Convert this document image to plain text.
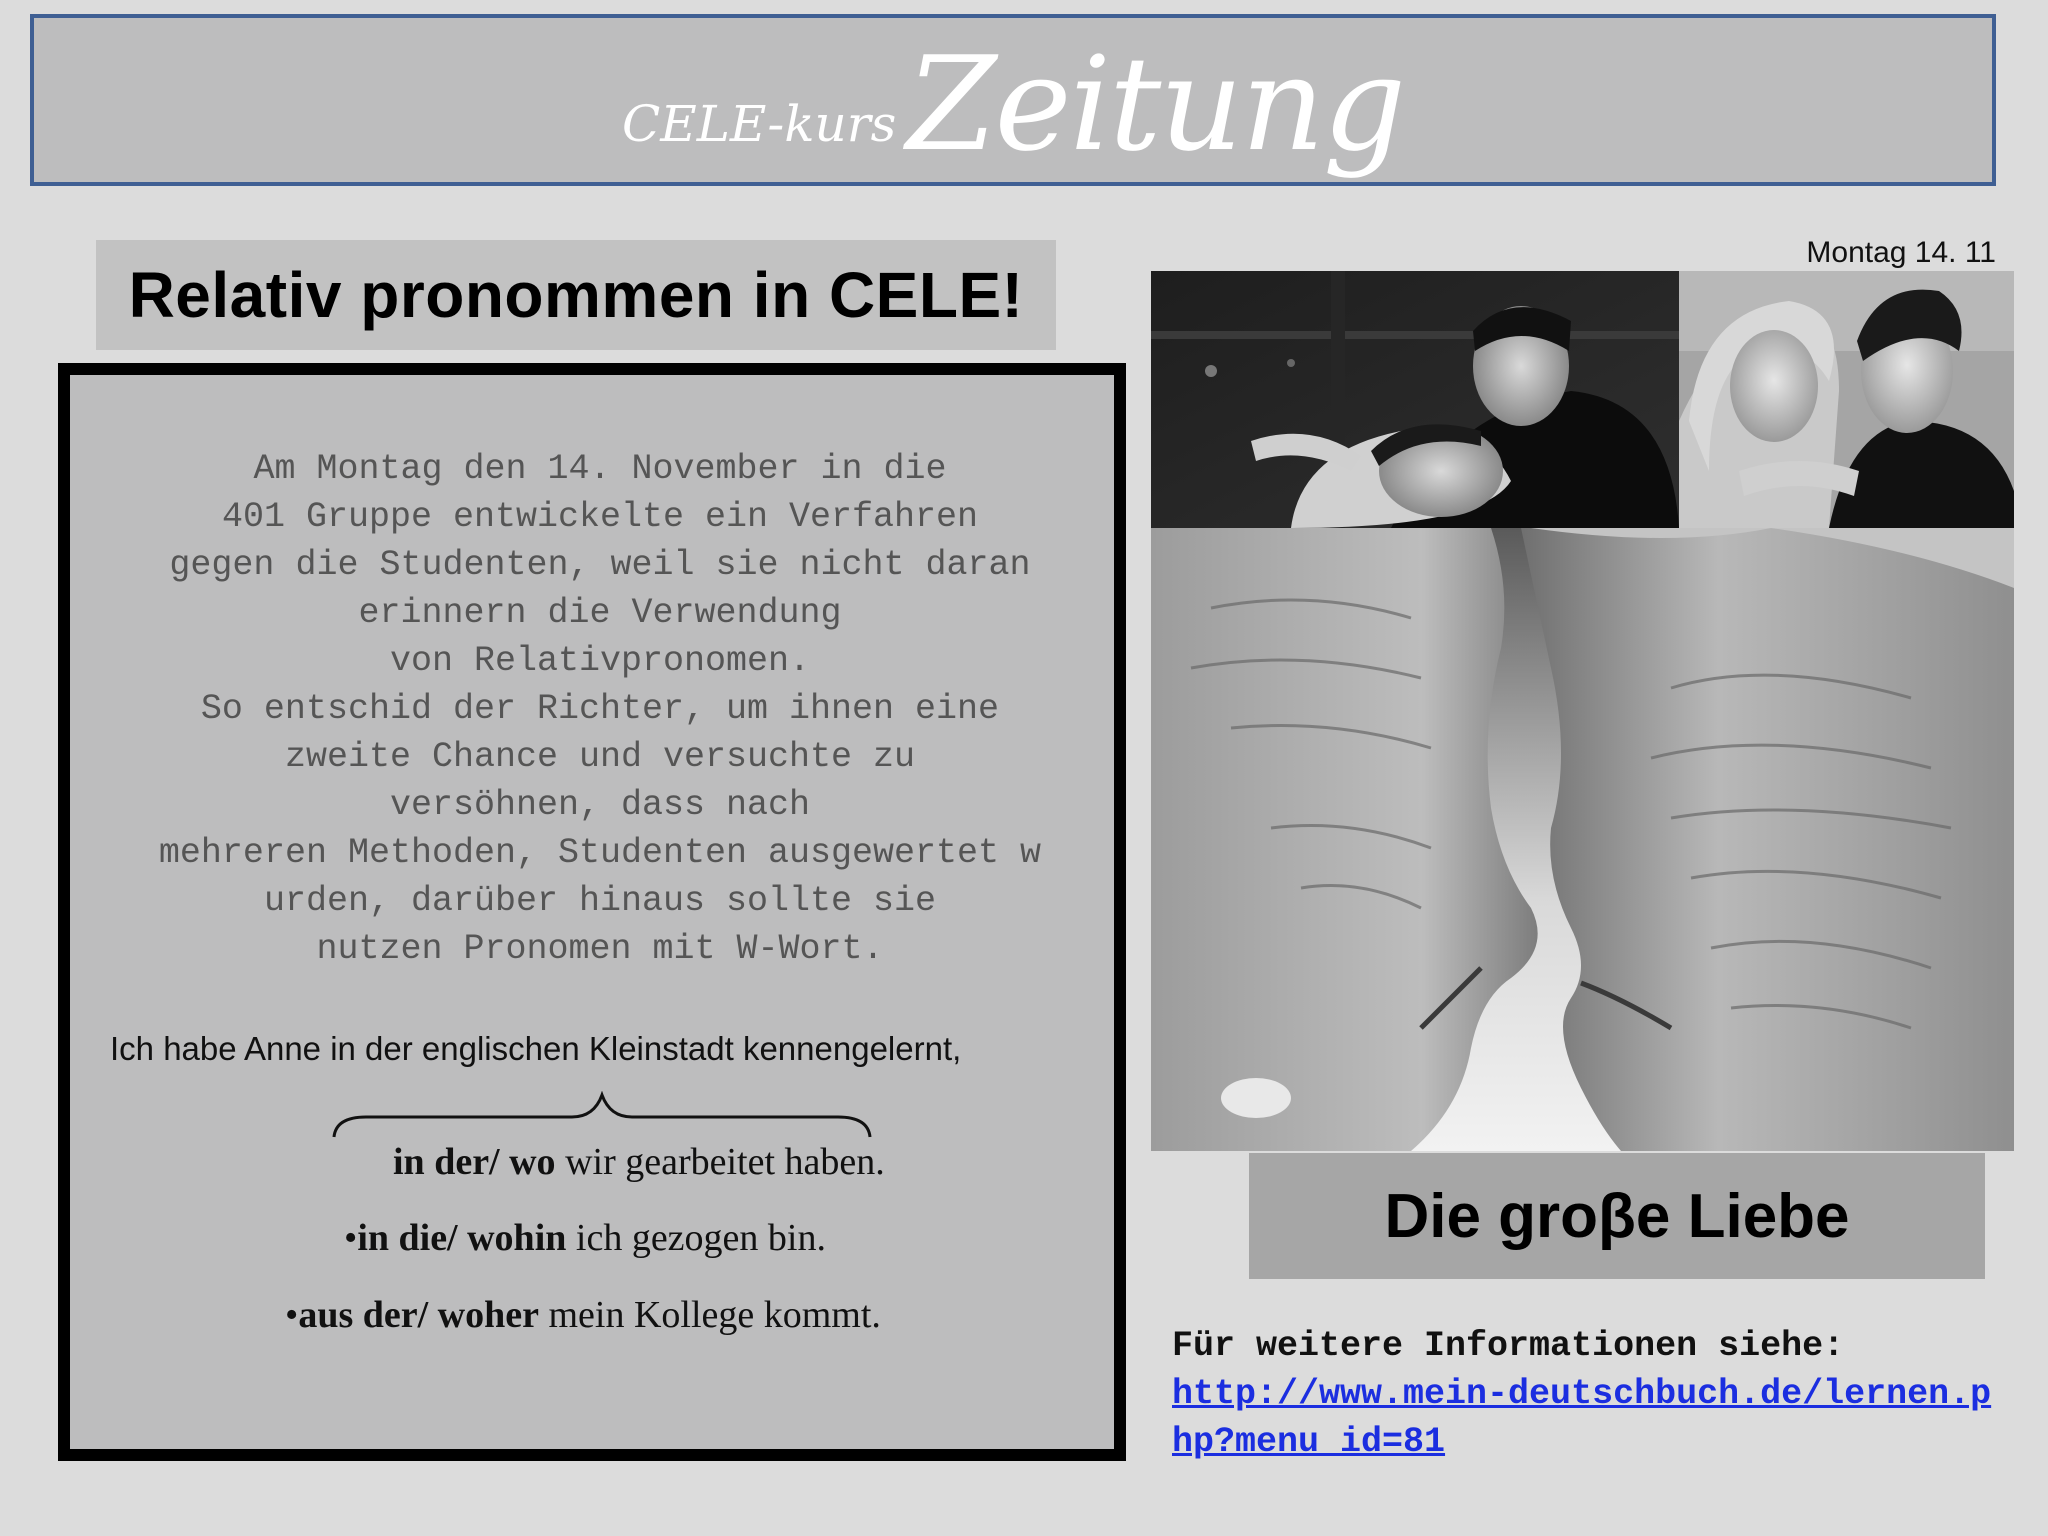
CELE-kursZeitung
Montag 14. 11
Relativ pronommen in CELE!

Am Montag den 14. November in die
401 Gruppe entwickelte ein Verfahren
gegen die Studenten, weil sie nicht daran
erinnern die Verwendung
von Relativpronomen.
So entschid der Richter, um ihnen eine
zweite Chance und versuchte zu
versöhnen, dass nach
mehreren Methoden, Studenten ausgewertet w
urden, darüber hinaus sollte sie
nutzen Pronomen mit W-Wort.

Ich habe Anne in der englischen Kleinstadt kennengelernt,
in der/ wo wir gearbeitet haben.
•in die/ wohin ich gezogen bin.
•aus der/ woher mein Kollege kommt.
Die groβe Liebe
Für weitere Informationen siehe:
http://www.mein-deutschbuch.de/lernen.php?menu_id=81
